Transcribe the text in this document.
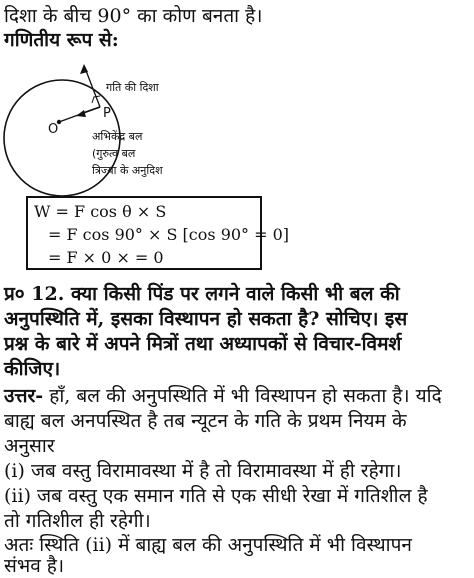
दिशा के बीच 90° का कोण बनता है।
गणितीय रूप से:
गति की दिशा
P
O	अभिकेंद्र बल
(गुरुत्व बल
त्रिज्या के अनुदिश
W = F cos θ × S
= F cos 90° × S [cos 90° = 0]
= F × 0 × = 0
प्र० 12. क्या किसी पिंड पर लगने वाले किसी भी बल की
अनुपस्थिति में, इसका विस्थापन हो सकता है? सोचिए। इस
प्रश्न के बारे में अपने मित्रों तथा अध्यापकों से विचार-विमर्श
कीजिए।
उत्तर- हाँ, बल की अनुपस्थिति में भी विस्थापन हो सकता है। यदि
बाह्य बल अनपस्थित है तब न्यूटन के गति के प्रथम नियम के
अनुसार
(i) जब वस्तु विरामावस्था में है तो विरामावस्था में ही रहेगा।
(ii) जब वस्तु एक समान गति से एक सीधी रेखा में गतिशील है
तो गतिशील ही रहेगी।
अतः स्थिति (ii) में बाह्य बल की अनुपस्थिति में भी विस्थापन
संभव है।
